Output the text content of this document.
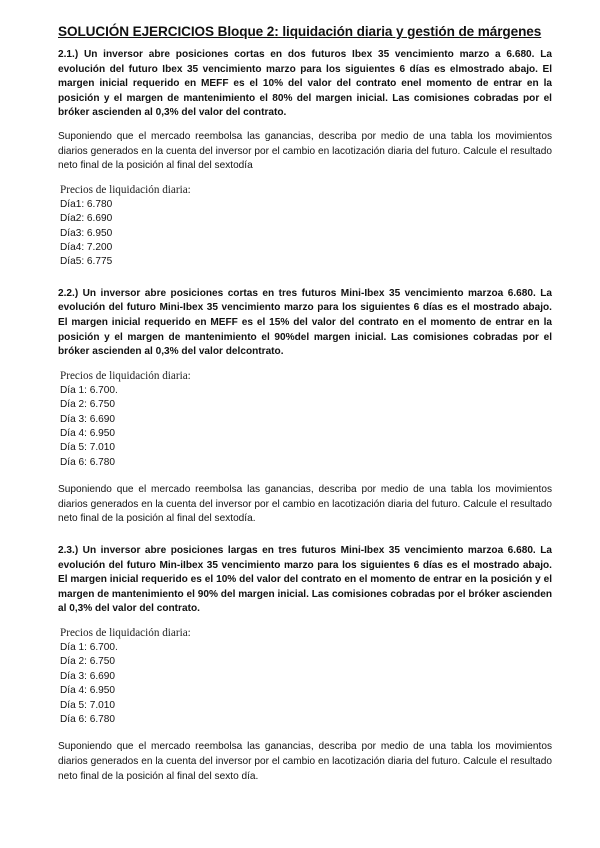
SOLUCIÓN EJERCICIOS Bloque 2: liquidación diaria y gestión de márgenes

2.1.) Un inversor abre posiciones cortas en dos futuros Ibex 35 vencimiento marzo a 6.680. La evolución del futuro Ibex 35 vencimiento marzo para los siguientes 6 días es elmostrado abajo. El margen inicial requerido en MEFF es el 10% del valor del contrato enel momento de entrar en la posición y el margen de mantenimiento el 80% del margen inicial. Las comisiones cobradas por el bróker ascienden al 0,3% del valor del contrato.

Suponiendo que el mercado reembolsa las ganancias, describa por medio de una tabla los movimientos diarios generados en la cuenta del inversor por el cambio en lacotización diaria del futuro. Calcule el resultado neto final de la posición al final del sextodía

Precios de liquidación diaria:

Día1: 6.780
Día2: 6.690
Día3: 6.950
Día4: 7.200
Día5: 6.775

2.2.) Un inversor abre posiciones cortas en tres futuros Mini-Ibex 35 vencimiento marzoa 6.680. La evolución del futuro Mini-Ibex 35 vencimiento marzo para los siguientes 6 días es el mostrado abajo. El margen inicial requerido en MEFF es el 15% del valor del contrato en el momento de entrar en la posición y el margen de mantenimiento el 90%del margen inicial. Las comisiones cobradas por el bróker ascienden al 0,3% del valor delcontrato.

Precios de liquidación diaria:

Día 1: 6.700.
Día 2: 6.750
Día 3: 6.690
Día 4: 6.950
Día 5: 7.010
Día 6: 6.780

Suponiendo que el mercado reembolsa las ganancias, describa por medio de una tabla los movimientos diarios generados en la cuenta del inversor por el cambio en lacotización diaria del futuro. Calcule el resultado neto final de la posición al final del sextodía.

2.3.) Un inversor abre posiciones largas en tres futuros Mini-Ibex 35 vencimiento marzoa 6.680. La evolución del futuro Min-iIbex 35 vencimiento marzo para los siguientes 6 días es el mostrado abajo. El margen inicial requerido es el 10% del valor del contrato en el momento de entrar en la posición y el margen de mantenimiento el 90% del margen inicial. Las comisiones cobradas por el bróker ascienden al 0,3% del valor del contrato.

Precios de liquidación diaria:

Día 1: 6.700.
Día 2: 6.750
Día 3: 6.690
Día 4: 6.950
Día 5: 7.010
Día 6: 6.780

Suponiendo que el mercado reembolsa las ganancias, describa por medio de una tabla los movimientos diarios generados en la cuenta del inversor por el cambio en lacotización diaria del futuro. Calcule el resultado neto final de la posición al final del sexto día.
